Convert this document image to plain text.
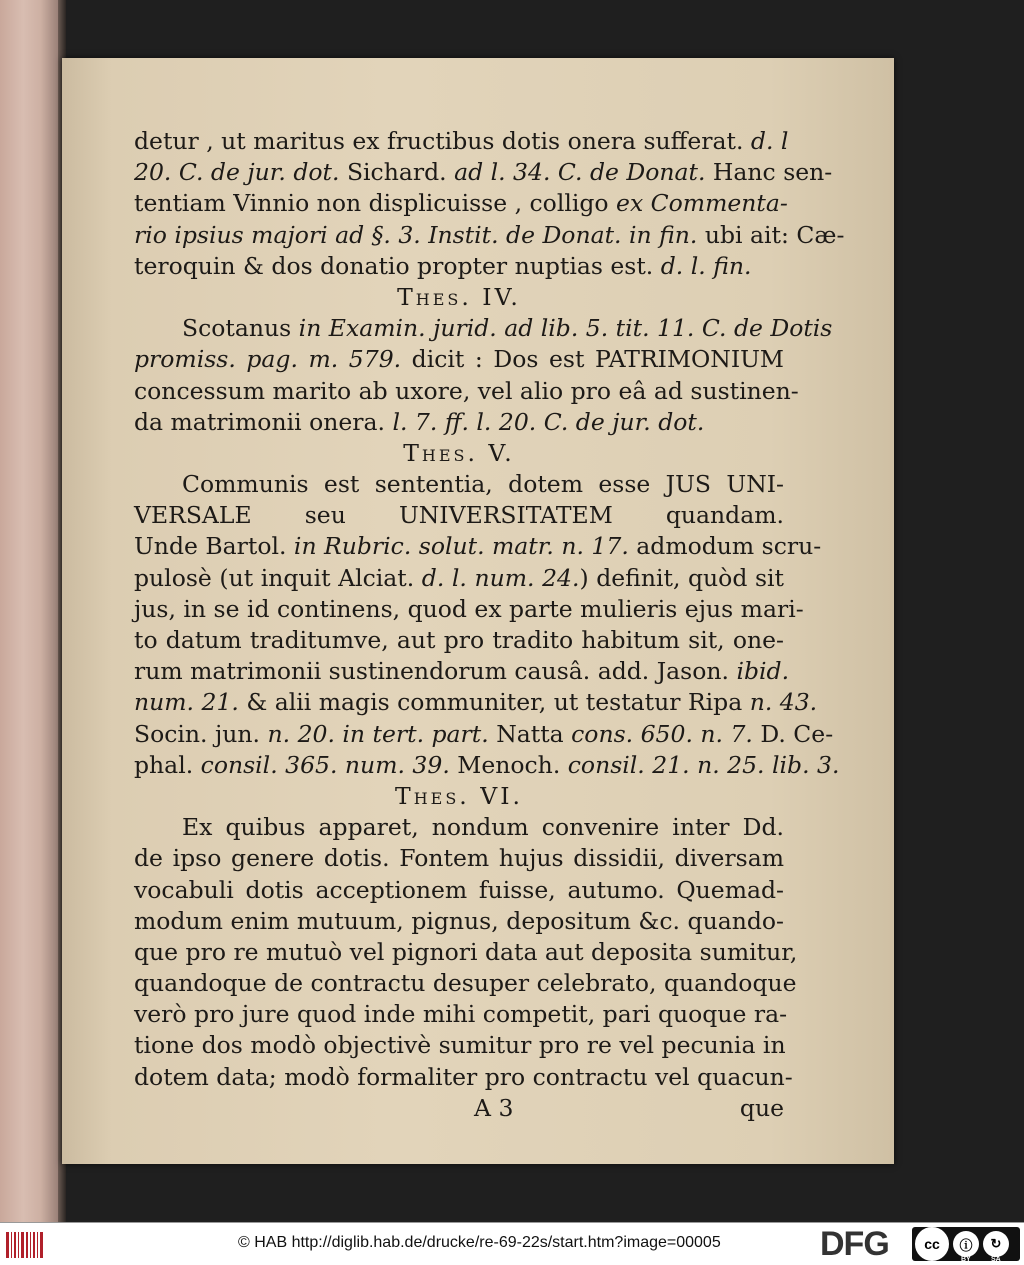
detur , ut maritus ex fructibus dotis onera sufferat. d. l
20. C. de jur. dot. Sichard. ad l. 34. C. de Donat. Hanc sen-
tentiam Vinnio non displicuisse , colligo ex Commenta-
rio ipsius majori ad §. 3. Instit. de Donat. in fin. ubi ait: Cæ-
teroquin & dos donatio propter nuptias est. d. l. fin.
Thes. IV.
Scotanus in Examin. jurid. ad lib. 5. tit. 11. C. de Dotis
promiss. pag. m. 579. dicit : Dos est PATRIMONIUM
concessum marito ab uxore, vel alio pro eâ ad sustinen-
da matrimonii onera. l. 7. ff. l. 20. C. de jur. dot.
Thes. V.
Communis est sententia, dotem esse JUS UNI-
VERSALE seu UNIVERSITATEM quandam.
Unde Bartol. in Rubric. solut. matr. n. 17. admodum scru-
pulosè (ut inquit Alciat. d. l. num. 24.) definit, quòd sit
jus, in se id continens, quod ex parte mulieris ejus mari-
to datum traditumve, aut pro tradito habitum sit, one-
rum matrimonii sustinendorum causâ. add. Jason. ibid.
num. 21. & alii magis communiter, ut testatur Ripa n. 43.
Socin. jun. n. 20. in tert. part. Natta cons. 650. n. 7. D. Ce-
phal. consil. 365. num. 39. Menoch. consil. 21. n. 25. lib. 3.
Thes. VI.
Ex quibus apparet, nondum convenire inter Dd.
de ipso genere dotis. Fontem hujus dissidii, diversam
vocabuli dotis acceptionem fuisse, autumo. Quemad-
modum enim mutuum, pignus, depositum &c. quando-
que pro re mutuò vel pignori data aut deposita sumitur,
quandoque de contractu desuper celebrato, quandoque
verò pro jure quod inde mihi competit, pari quoque ra-
tione dos modò objectivè sumitur pro re vel pecunia in
dotem data; modò formaliter pro contractu vel quacun-
A 3	que
© HAB http://diglib.hab.de/drucke/re-69-22s/start.htm?image=00005	DFG	cc	ⓘ
BY
↻
SA
